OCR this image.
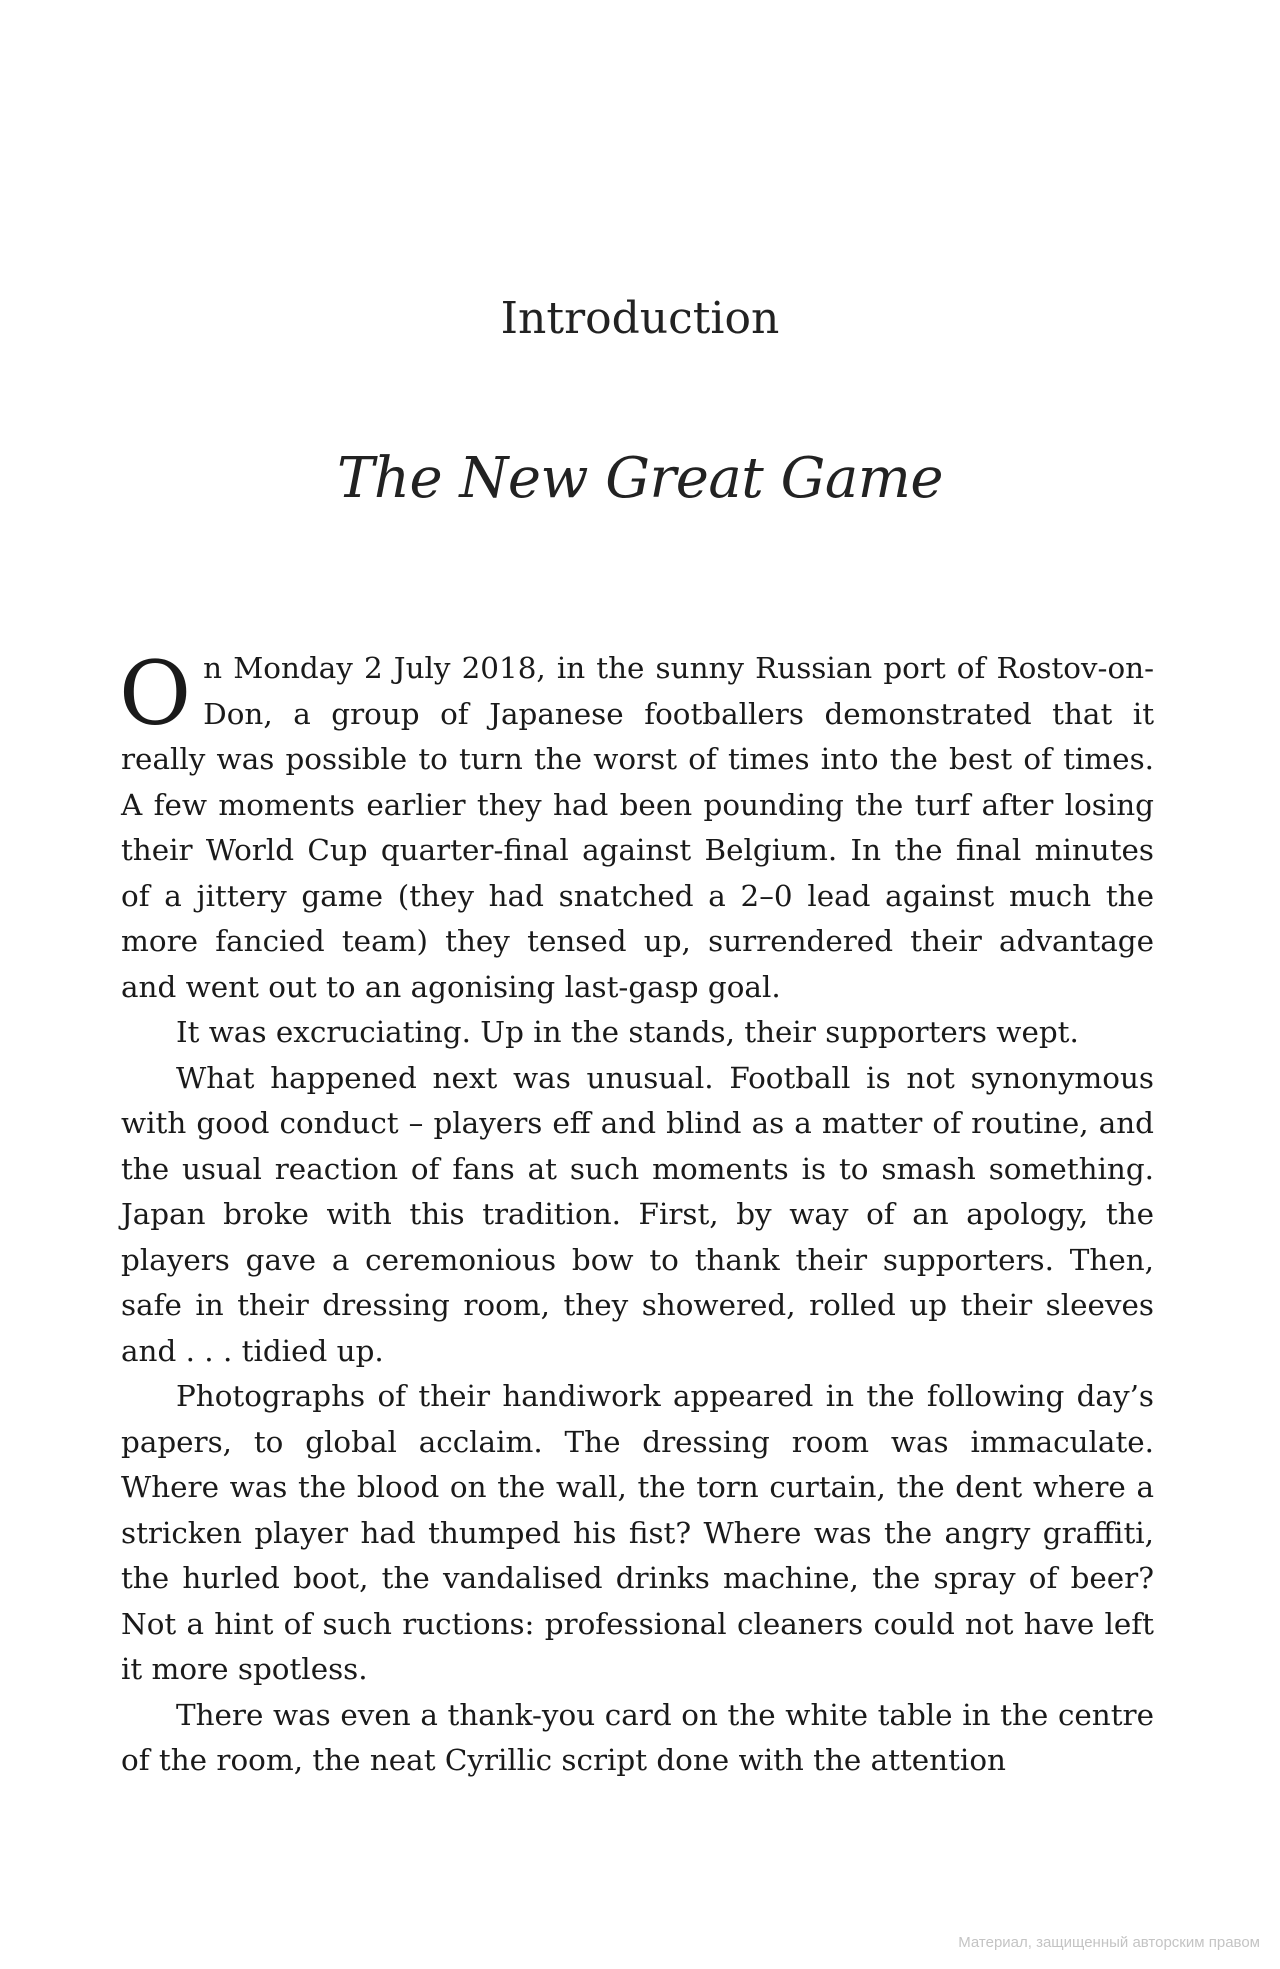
Introduction
The New Great Game

On Monday 2 July 2018, in the sunny Russian port of Rostov-on-Don, a group of Japanese footballers demonstrated that it really was possible to turn the worst of times into the best of times. A few moments earlier they had been pounding the turf after losing their World Cup quarter-final against Belgium. In the final minutes of a jittery game (they had snatched a 2–0 lead against much the more fancied team) they tensed up, surrendered their advantage and went out to an agonising last-gasp goal.

It was excruciating. Up in the stands, their supporters wept.

What happened next was unusual. Football is not synonymous with good conduct – players eff and blind as a matter of routine, and the usual reaction of fans at such moments is to smash something. Japan broke with this tradition. First, by way of an apology, the players gave a ceremonious bow to thank their supporters. Then, safe in their dressing room, they showered, rolled up their sleeves and . . . tidied up.

Photographs of their handiwork appeared in the following day’s papers, to global acclaim. The dressing room was immaculate. Where was the blood on the wall, the torn curtain, the dent where a stricken player had thumped his fist? Where was the angry graffiti, the hurled boot, the vandalised drinks machine, the spray of beer? Not a hint of such ructions: professional cleaners could not have left it more spotless.

There was even a thank-you card on the white table in the centre of the room, the neat Cyrillic script done with the attention

Материал, защищенный авторским правом
